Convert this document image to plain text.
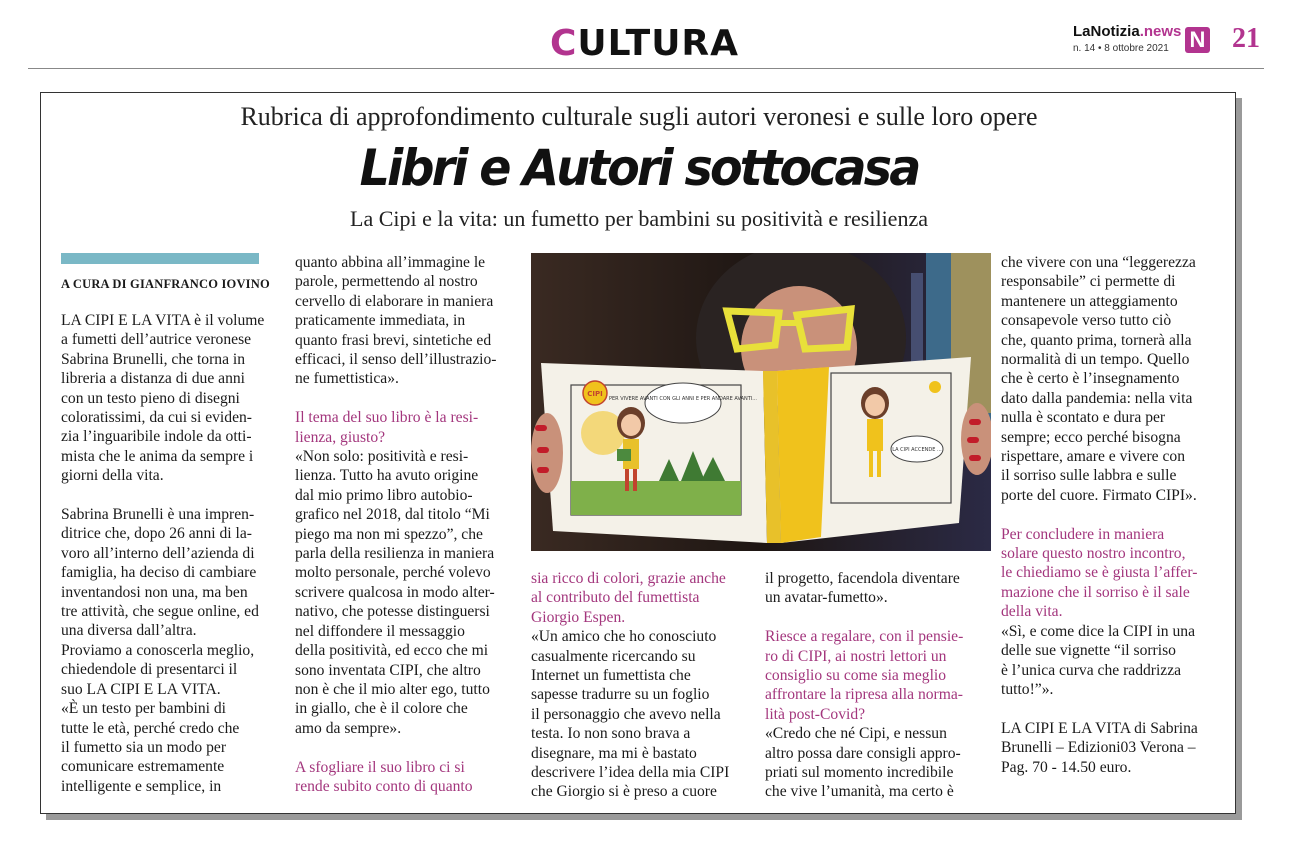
CULTURA	LaNotizia.news
n. 14 • 8 ottobre 2021 N 21
Rubrica di approfondimento culturale sugli autori veronesi e sulle loro opere
Libri e Autori sottocasa
La Cipi e la vita: un fumetto per bambini su positività e resilienza
A CURA DI GIANFRANCO IOVINO

LA CIPI E LA VITA è il volume

a fumetti dell’autrice veronese

Sabrina Brunelli, che torna in

libreria a distanza di due anni

con un testo pieno di disegni

coloratissimi, da cui si eviden-

zia l’inguaribile indole da otti-

mista che le anima da sempre i

giorni della vita.

Sabrina Brunelli è una impren-

ditrice che, dopo 26 anni di la-

voro all’interno dell’azienda di

famiglia, ha deciso di cambiare

inventandosi non una, ma ben

tre attività, che segue online, ed

una diversa dall’altra.

Proviamo a conoscerla meglio,

chiedendole di presentarci il

suo LA CIPI E LA VITA.

«È un testo per bambini di

tutte le età, perché credo che

il fumetto sia un modo per

comunicare estremamente

intelligente e semplice, in

quanto abbina all’immagine le

parole, permettendo al nostro

cervello di elaborare in maniera

praticamente immediata, in

quanto frasi brevi, sintetiche ed

efficaci, il senso dell’illustrazio-

ne fumettistica».

Il tema del suo libro è la resi-

lienza, giusto?

«Non solo: positività e resi-

lienza. Tutto ha avuto origine

dal mio primo libro autobio-

grafico nel 2018, dal titolo “Mi

piego ma non mi spezzo”, che

parla della resilienza in maniera

molto personale, perché volevo

scrivere qualcosa in modo alter-

nativo, che potesse distinguersi

nel diffondere il messaggio

della positività, ed ecco che mi

sono inventata CIPI, che altro

non è che il mio alter ego, tutto

in giallo, che è il colore che

amo da sempre».

A sfogliare il suo libro ci si

rende subito conto di quanto

PER VIVERE AVANTI CON GLI ANNI E PER ANDARE AVANTI...
CIPI
LA CIPI ACCENDE ...

sia ricco di colori, grazie anche

al contributo del fumettista

Giorgio Espen.

«Un amico che ho conosciuto

casualmente ricercando su

Internet un fumettista che

sapesse tradurre su un foglio

il personaggio che avevo nella

testa. Io non sono brava a

disegnare, ma mi è bastato

descrivere l’idea della mia CIPI

che Giorgio si è preso a cuore

il progetto, facendola diventare

un avatar-fumetto».

Riesce a regalare, con il pensie-

ro di CIPI, ai nostri lettori un

consiglio su come sia meglio

affrontare la ripresa alla norma-

lità post-Covid?

«Credo che né Cipi, e nessun

altro possa dare consigli appro-

priati sul momento incredibile

che vive l’umanità, ma certo è

che vivere con una “leggerezza

responsabile” ci permette di

mantenere un atteggiamento

consapevole verso tutto ciò

che, quanto prima, tornerà alla

normalità di un tempo. Quello

che è certo è l’insegnamento

dato dalla pandemia: nella vita

nulla è scontato e dura per

sempre; ecco perché bisogna

rispettare, amare e vivere con

il sorriso sulle labbra e sulle

porte del cuore. Firmato CIPI».

Per concludere in maniera

solare questo nostro incontro,

le chiediamo se è giusta l’affer-

mazione che il sorriso è il sale

della vita.

«Sì, e come dice la CIPI in una

delle sue vignette “il sorriso

è l’unica curva che raddrizza

tutto!”».

LA CIPI E LA VITA di Sabrina

Brunelli – Edizioni03 Verona –

Pag. 70 - 14.50 euro.
